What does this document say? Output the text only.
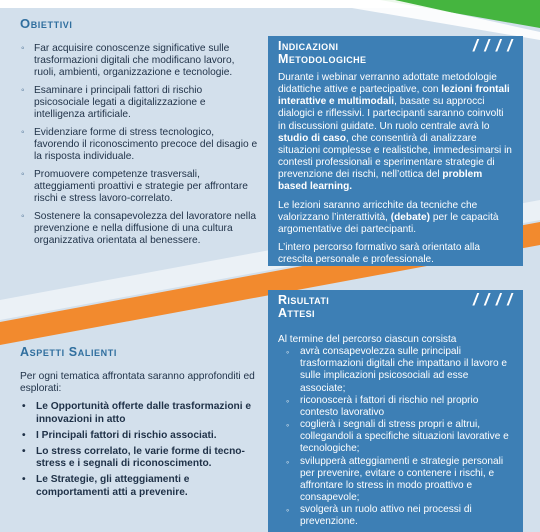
Obiettivi
◦ Far acquisire conoscenze significative sulle trasformazioni digitali che modificano lavoro, ruoli, ambienti, organizzazione e tecnologie.
◦ Esaminare i principali fattori di rischio psicosociale legati a digitalizzazione e intelligenza artificiale.
◦ Evidenziare forme di stress tecnologico, favorendo il riconoscimento precoce del disagio e la risposta individuale.
◦ Promuovere competenze trasversali, atteggiamenti proattivi e strategie per affrontare rischi e stress lavoro-correlato.
◦ Sostenere la consapevolezza del lavoratore nella prevenzione e nella diffusione di una cultura organizzativa orientata al benessere.
/ / / /
Indicazioni
Metodologiche

Durante i webinar verranno adottate metodologie didattiche attive e partecipative, con lezioni frontali interattive e multimodali, basate su approcci dialogici e riflessivi. I partecipanti saranno coinvolti in discussioni guidate. Un ruolo centrale avrà lo studio di caso, che consentirà di analizzare situazioni complesse e realistiche, immedesimarsi in contesti professionali e sperimentare strategie di prevenzione dei rischi, nell’ottica del problem based learning.

Le lezioni saranno arricchite da tecniche che valorizzano l’interattività, (debate) per le capacità argomentative dei partecipanti.

L’intero percorso formativo sarà orientato alla crescita personale e professionale.

Aspetti Salienti

Per ogni tematica affrontata saranno approfonditi ed esplorati:

• Le Opportunità offerte dalle trasformazioni e innovazioni in atto
• I Principali fattori di rischio associati.
• Lo stress correlato, le varie forme di tecno-stress e i segnali di riconoscimento.
• Le Strategie, gli atteggiamenti e comportamenti atti a prevenire.
/ / / /
Risultati
Attesi

Al termine del percorso ciascun corsista

◦ avrà consapevolezza sulle principali trasformazioni digitali che impattano il lavoro e sulle implicazioni psicosociali ad esse associate;
◦ riconoscerà i fattori di rischio nel proprio contesto lavorativo
◦ coglierà i segnali di stress propri e altrui, collegandoli a specifiche situazioni lavorative e tecnologiche;
◦ svilupperà atteggiamenti e strategie personali per prevenire, evitare o contenere i rischi, e affrontare lo stress in modo proattivo e consapevole;
◦ svolgerà un ruolo attivo nei processi di prevenzione.
